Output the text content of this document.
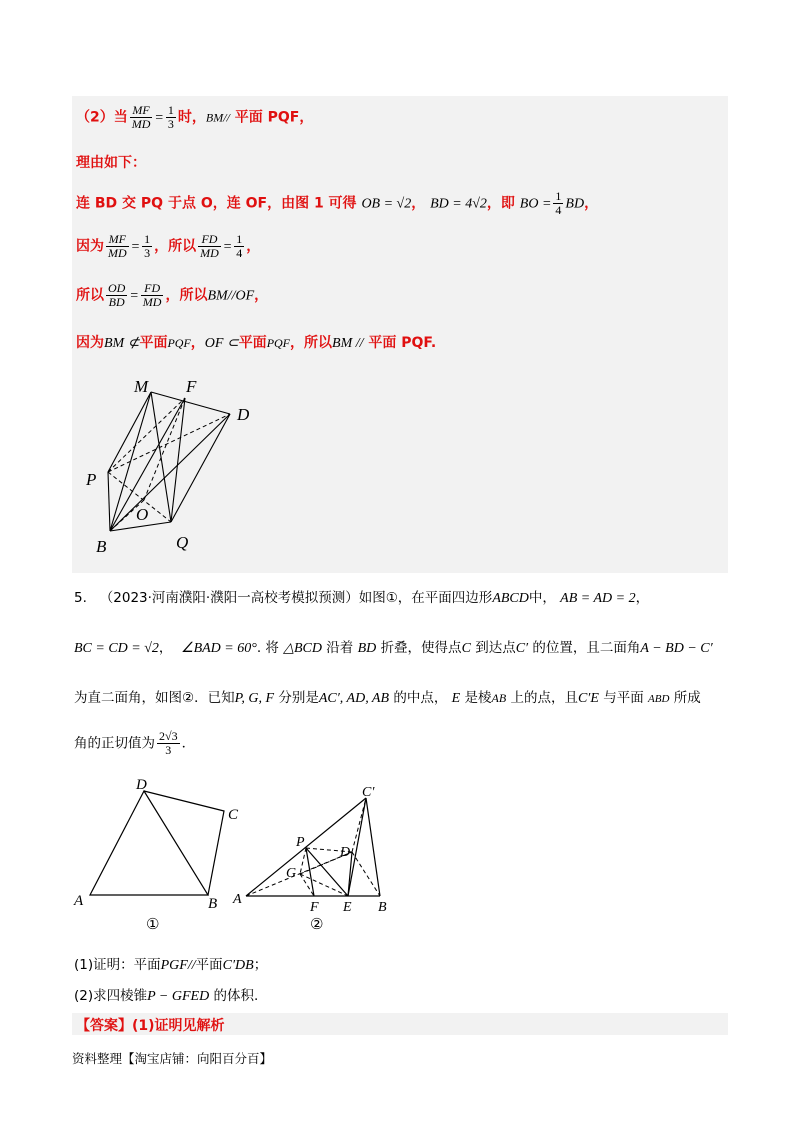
（2）当 $\frac{MF}{MD} = \frac{1}{3}$ 时，BM// 平面 PQF，
理由如下：
连 BD 交 PQ 于点 O，连 OF，由图 1 可得 OB = √2， BD = 4√2，即 BO = $\frac{1}{4}$ BD，
因为 $\frac{MF}{MD} = \frac{1}{3}$ ，所以 $\frac{FD}{MD} = \frac{1}{4}$ ，
所以 $\frac{OD}{BD} = \frac{FD}{MD}$ ，所以BM//OF，
因为BM ⊄平面PQF，OF ⊂平面PQF，所以BM // 平面 PQF.
M F
D
P
O
B	Q
5. （2023·河南濮阳·濮阳一高校考模拟预测）如图①，在平面四边形ABCD中， AB = AD = 2，
BC = CD = √2， ∠BAD = 60°. 将 △BCD 沿着 BD 折叠，使得点C 到达点C′ 的位置，且二面角A − BD − C′
为直二面角，如图②．已知P, G, F 分别是AC′, AD, AB 的中点， E 是棱AB 上的点，且C′E 与平面 ABD 所成
角的正切值为 $\frac{2√3}{3}$ ．
D
C
A	B
①
C′
P
D
G
A
F E B
②
(1)证明：平面PGF//平面C′DB；
(2)求四棱锥P − GFED 的体积.
【答案】(1)证明见解析
资料整理【淘宝店铺：向阳百分百】
